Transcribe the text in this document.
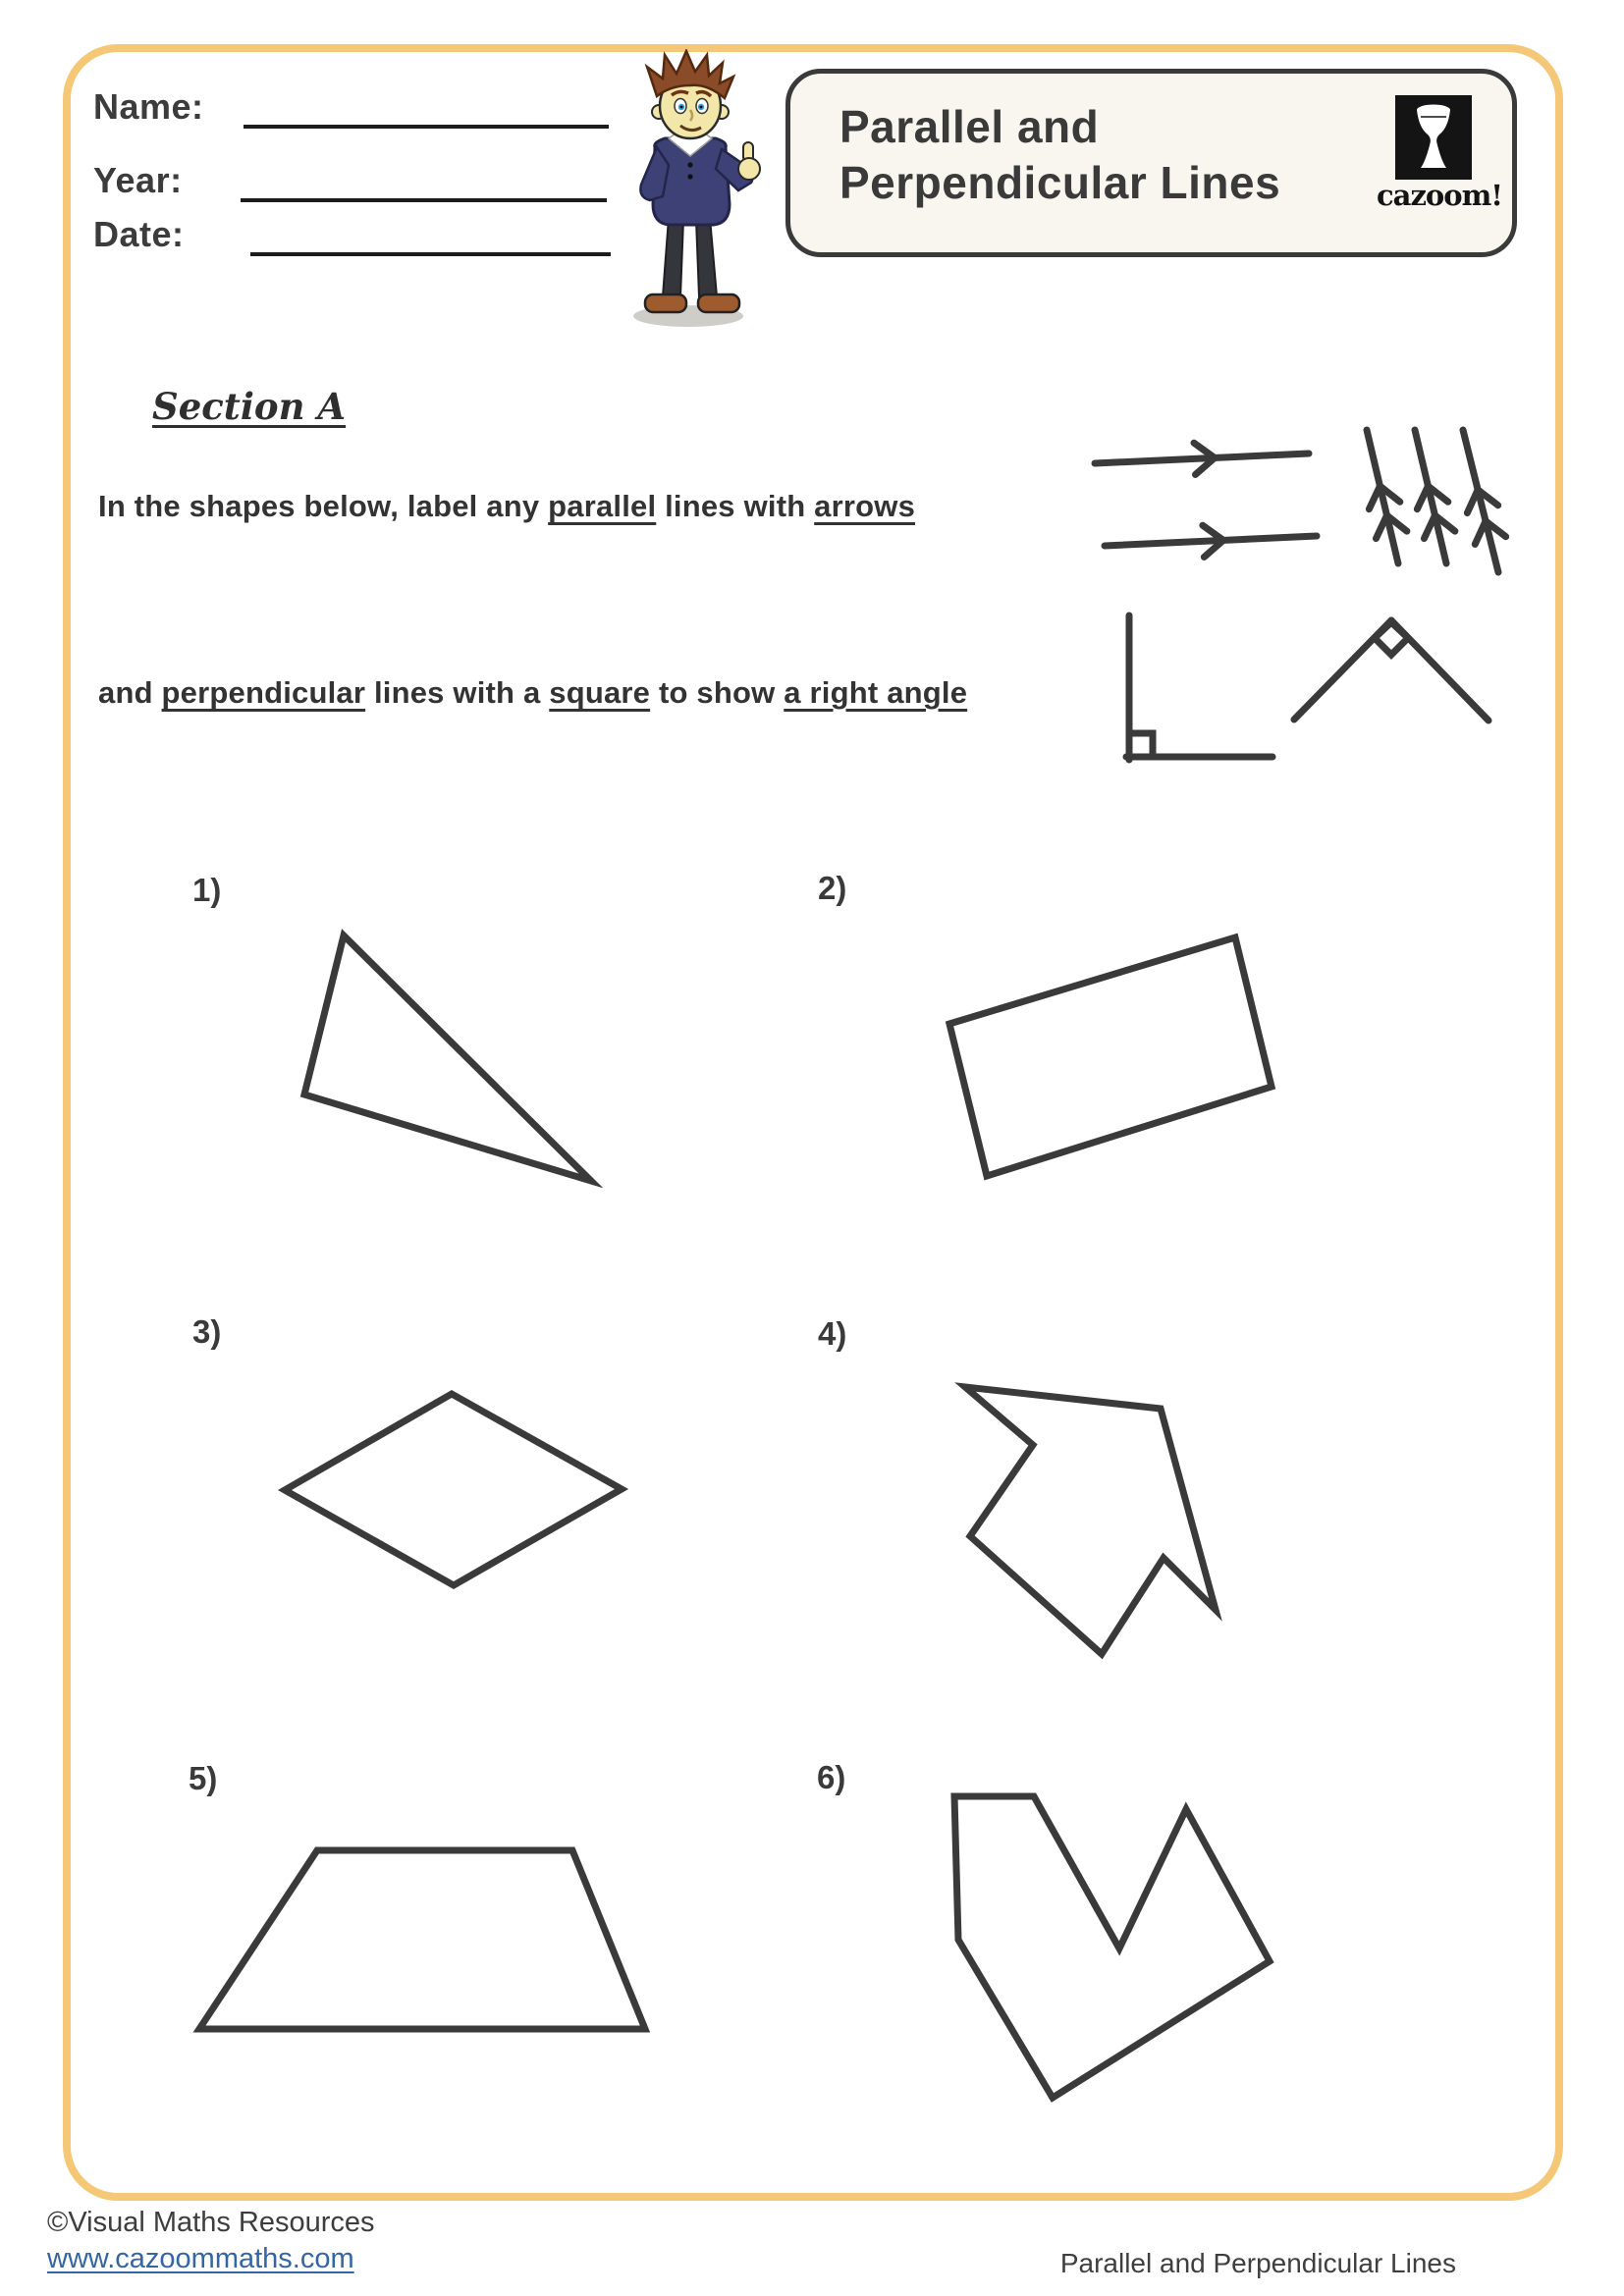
Name:
Year:
Date:
Parallel and
Perpendicular Lines	cazoom!
Section A
In the shapes below, label any parallel lines with arrows
and perpendicular lines with a square to show a right angle
1)	2)
3)	4)
5)	6)
©Visual Maths Resources
www.cazoommaths.com	Parallel and Perpendicular Lines
